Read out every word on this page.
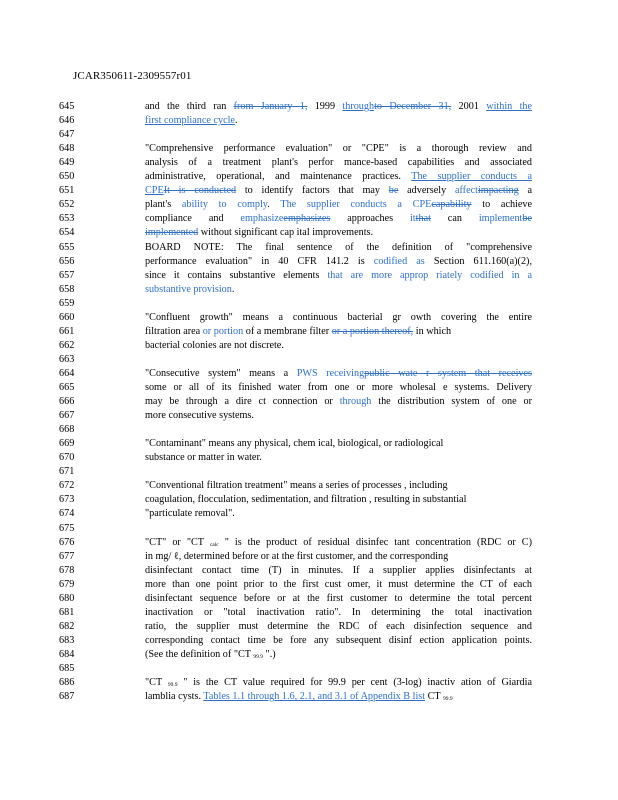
JCAR350611-2309557r01
645	and the third ran from January 1, 1999 throughto December 31, 2001 within the
646	first compliance cycle.
647
648	"Comprehensive performance evaluation" or "CPE" is a thorough review and
649	analysis of a treatment plant's perfor mance-based capabilities and associated
650	administrative, operational, and maintenance practices. The supplier conducts a
651	CPEIt is conducted to identify factors that may be adversely affectimpacting a
652	plant's ability to comply. The supplier conducts a CPEcapability to achieve
653	compliance and emphasizeemphasizes approaches itthat can implementbe
654	implemented without significant cap ital improvements.
655	BOARD NOTE: The final sentence of the definition of "comprehensive
656	performance evaluation" in 40 CFR 141.2 is codified as Section 611.160(a)(2),
657	since it contains substantive elements that are more approp riately codified in a
658	substantive provision.
659
660	"Confluent growth" means a continuous bacterial gr owth covering the entire
661	filtration area or portion of a membrane filter or a portion thereof, in which
662	bacterial colonies are not discrete.
663
664	"Consecutive system" means a PWS receivingpublic wate r system that receives
665	some or all of its finished water from one or more wholesal e systems. Delivery
666	may be through a dire ct connection or through the distribution system of one or
667	more consecutive systems.
668
669	"Contaminant" means any physical, chem ical, biological, or radiological
670	substance or matter in water.
671
672	"Conventional filtration treatment" means a series of processes , including
673	coagulation, flocculation, sedimentation, and filtration , resulting in substantial
674	"particulate removal".
675
676	"CT" or "CT calc " is the product of residual disinfec tant concentration (RDC or C)
677	in mg/ ℓ, determined before or at the first customer, and the corresponding
678	disinfectant contact time (T) in minutes. If a supplier applies disinfectants at
679	more than one point prior to the first cust omer, it must determine the CT of each
680	disinfectant sequence before or at the first customer to determine the total percent
681	inactivation or "total inactivation ratio". In determining the total inactivation
682	ratio, the supplier must determine the RDC of each disinfection sequence and
683	corresponding contact time be fore any subsequent disinf ection application points.
684	(See the definition of "CT 99.9 ".)
685
686	"CT 99.9 " is the CT value required for 99.9 per cent (3-log) inactiv ation of Giardia
687	lamblia cysts. Tables 1.1 through 1.6, 2.1, and 3.1 of Appendix B list CT 99.9
